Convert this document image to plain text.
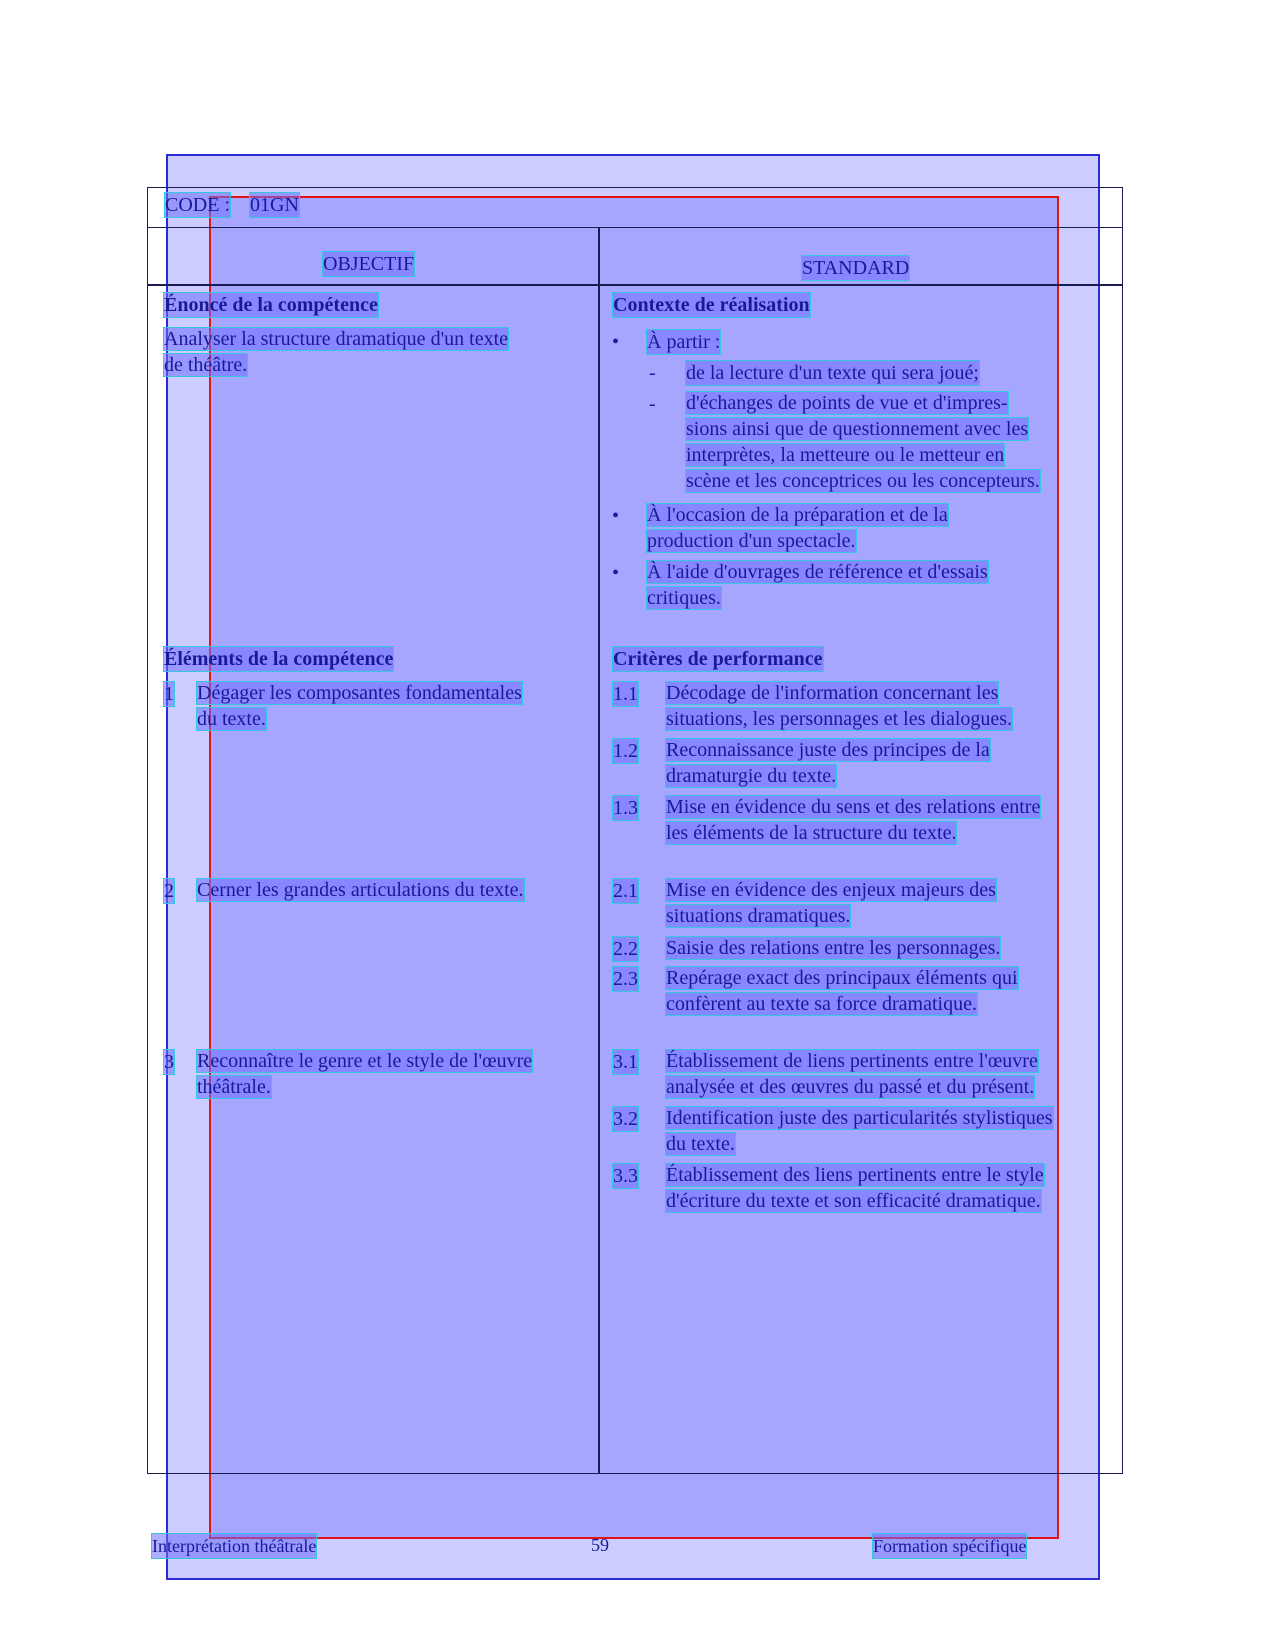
CODE : 01GN
OBJECTIF	STANDARD
Énoncé de la compétence
Analyser la structure dramatique d'un texte
de théâtre.
Contexte de réalisation
• À partir :
- de la lecture d'un texte qui sera joué;
- d'échanges de points de vue et d'impres-
sions ainsi que de questionnement avec les
interprètes, la metteure ou le metteur en
scène et les conceptrices ou les concepteurs.
• À l'occasion de la préparation et de la
production d'un spectacle.
• À l'aide d'ouvrages de référence et d'essais
critiques.
Éléments de la compétence
1 Dégager les composantes fondamentales
du texte.
2 Cerner les grandes articulations du texte.
3 Reconnaître le genre et le style de l'œuvre
théâtrale.
Critères de performance
1.1 Décodage de l'information concernant les
situations, les personnages et les dialogues.
1.2 Reconnaissance juste des principes de la
dramaturgie du texte.
1.3 Mise en évidence du sens et des relations entre
les éléments de la structure du texte.
2.1 Mise en évidence des enjeux majeurs des
situations dramatiques.
2.2 Saisie des relations entre les personnages.
2.3 Repérage exact des principaux éléments qui
confèrent au texte sa force dramatique.
3.1 Établissement de liens pertinents entre l'œuvre
analysée et des œuvres du passé et du présent.
3.2 Identification juste des particularités stylistiques
du texte.
3.3 Établissement des liens pertinents entre le style
d'écriture du texte et son efficacité dramatique.
Interprétation théâtrale	59	Formation spécifique
